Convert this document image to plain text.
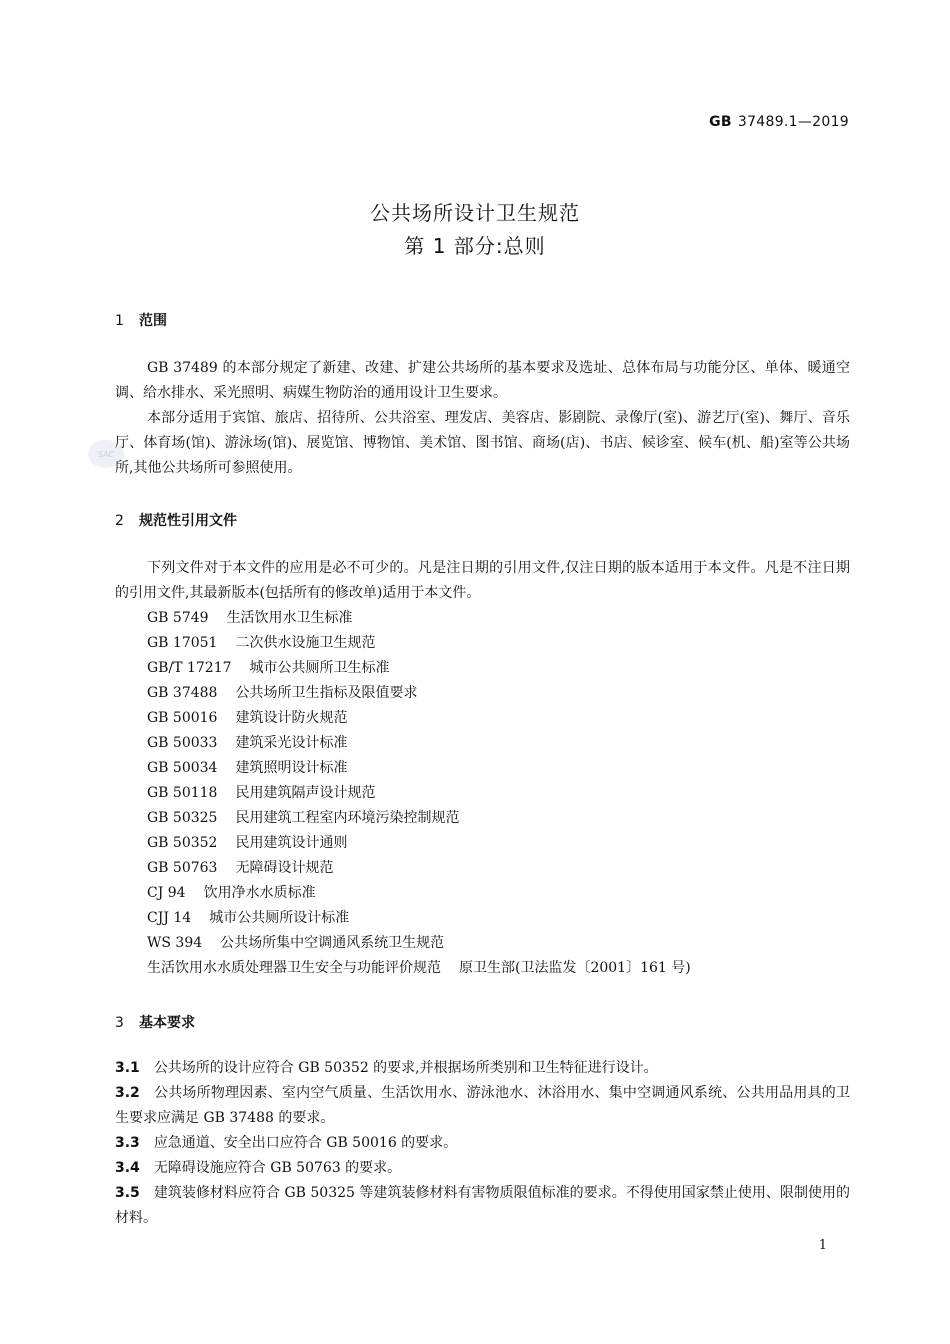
GB 37489.1—2019
SAC
公共场所设计卫生规范
第 1 部分:总则
1 范围

GB 37489 的本部分规定了新建、改建、扩建公共场所的基本要求及选址、总体布局与功能分区、单体、暖通空调、给水排水、采光照明、病媒生物防治的通用设计卫生要求。

本部分适用于宾馆、旅店、招待所、公共浴室、理发店、美容店、影剧院、录像厅(室)、游艺厅(室)、舞厅、音乐厅、体育场(馆)、游泳场(馆)、展览馆、博物馆、美术馆、图书馆、商场(店)、书店、候诊室、候车(机、船)室等公共场所,其他公共场所可参照使用。

2 规范性引用文件

下列文件对于本文件的应用是必不可少的。凡是注日期的引用文件,仅注日期的版本适用于本文件。凡是不注日期的引用文件,其最新版本(包括所有的修改单)适用于本文件。

GB 5749 生活饮用水卫生标准
GB 17051 二次供水设施卫生规范
GB/T 17217 城市公共厕所卫生标准
GB 37488 公共场所卫生指标及限值要求
GB 50016 建筑设计防火规范
GB 50033 建筑采光设计标准
GB 50034 建筑照明设计标准
GB 50118 民用建筑隔声设计规范
GB 50325 民用建筑工程室内环境污染控制规范
GB 50352 民用建筑设计通则
GB 50763 无障碍设计规范
CJ 94 饮用净水水质标准
CJJ 14 城市公共厕所设计标准
WS 394 公共场所集中空调通风系统卫生规范
生活饮用水水质处理器卫生安全与功能评价规范 原卫生部(卫法监发〔2001〕161 号)
3 基本要求

3.1 公共场所的设计应符合 GB 50352 的要求,并根据场所类别和卫生特征进行设计。

3.2 公共场所物理因素、室内空气质量、生活饮用水、游泳池水、沐浴用水、集中空调通风系统、公共用品用具的卫生要求应满足 GB 37488 的要求。

3.3 应急通道、安全出口应符合 GB 50016 的要求。

3.4 无障碍设施应符合 GB 50763 的要求。

3.5 建筑装修材料应符合 GB 50325 等建筑装修材料有害物质限值标准的要求。不得使用国家禁止使用、限制使用的材料。

1
